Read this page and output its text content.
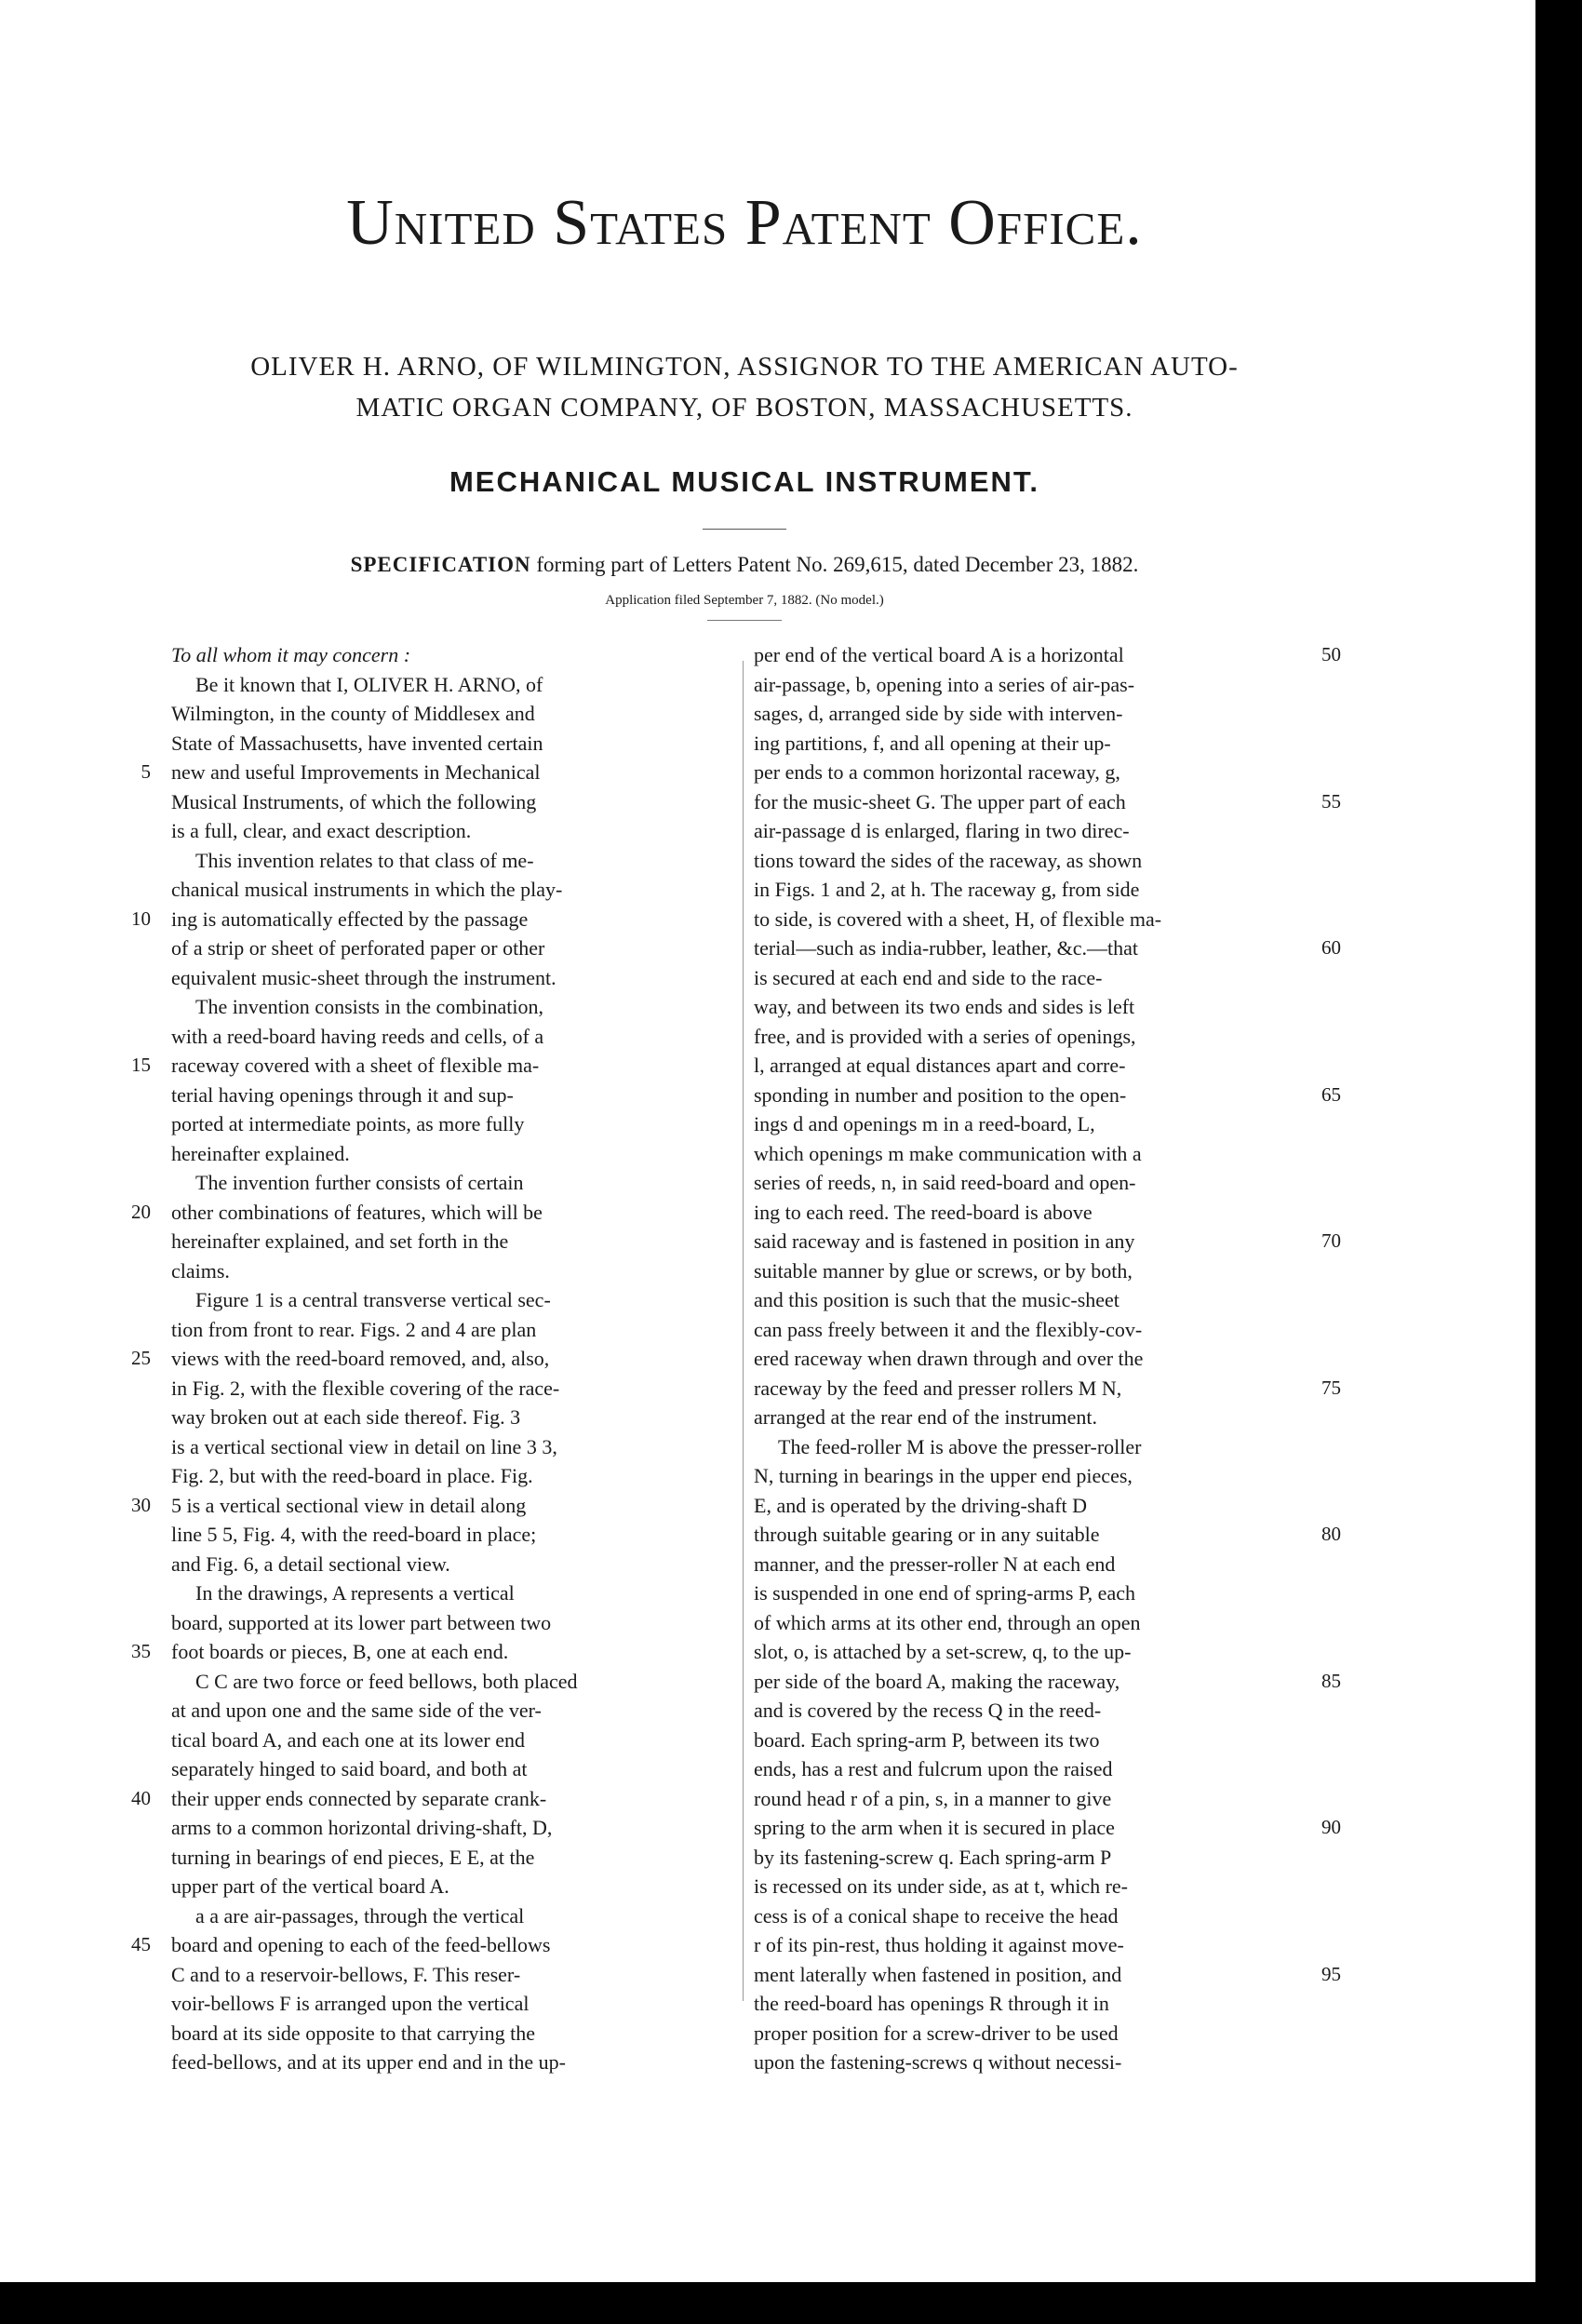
United States Patent Office.
OLIVER H. ARNO, OF WILMINGTON, ASSIGNOR TO THE AMERICAN AUTO-
MATIC ORGAN COMPANY, OF BOSTON, MASSACHUSETTS.
MECHANICAL MUSICAL INSTRUMENT.
SPECIFICATION forming part of Letters Patent No. 269,615, dated December 23, 1882.
Application filed September 7, 1882. (No model.)
To all whom it may concern :
Be it known that I, OLIVER H. ARNO, of
Wilmington, in the county of Middlesex and
State of Massachusetts, have invented certain
new and useful Improvements in Mechanical
Musical Instruments, of which the following
is a full, clear, and exact description.
This invention relates to that class of me-
chanical musical instruments in which the play-
ing is automatically effected by the passage
of a strip or sheet of perforated paper or other
equivalent music-sheet through the instrument.
The invention consists in the combination,
with a reed-board having reeds and cells, of a
raceway covered with a sheet of flexible ma-
terial having openings through it and sup-
ported at intermediate points, as more fully
hereinafter explained.
The invention further consists of certain
other combinations of features, which will be
hereinafter explained, and set forth in the
claims.
Figure 1 is a central transverse vertical sec-
tion from front to rear. Figs. 2 and 4 are plan
views with the reed-board removed, and, also,
in Fig. 2, with the flexible covering of the race-
way broken out at each side thereof. Fig. 3
is a vertical sectional view in detail on line 3 3,
Fig. 2, but with the reed-board in place. Fig.
5 is a vertical sectional view in detail along
line 5 5, Fig. 4, with the reed-board in place;
and Fig. 6, a detail sectional view.
In the drawings, A represents a vertical
board, supported at its lower part between two
foot boards or pieces, B, one at each end.
C C are two force or feed bellows, both placed
at and upon one and the same side of the ver-
tical board A, and each one at its lower end
separately hinged to said board, and both at
their upper ends connected by separate crank-
arms to a common horizontal driving-shaft, D,
turning in bearings of end pieces, E E, at the
upper part of the vertical board A.
a a are air-passages, through the vertical
board and opening to each of the feed-bellows
C and to a reservoir-bellows, F. This reser-
voir-bellows F is arranged upon the vertical
board at its side opposite to that carrying the
feed-bellows, and at its upper end and in the up-
per end of the vertical board A is a horizontal
air-passage, b, opening into a series of air-pas-
sages, d, arranged side by side with interven-
ing partitions, f, and all opening at their up-
per ends to a common horizontal raceway, g,
for the music-sheet G. The upper part of each
air-passage d is enlarged, flaring in two direc-
tions toward the sides of the raceway, as shown
in Figs. 1 and 2, at h. The raceway g, from side
to side, is covered with a sheet, H, of flexible ma-
terial—such as india-rubber, leather, &c.—that
is secured at each end and side to the race-
way, and between its two ends and sides is left
free, and is provided with a series of openings,
l, arranged at equal distances apart and corre-
sponding in number and position to the open-
ings d and openings m in a reed-board, L,
which openings m make communication with a
series of reeds, n, in said reed-board and open-
ing to each reed. The reed-board is above
said raceway and is fastened in position in any
suitable manner by glue or screws, or by both,
and this position is such that the music-sheet
can pass freely between it and the flexibly-cov-
ered raceway when drawn through and over the
raceway by the feed and presser rollers M N,
arranged at the rear end of the instrument.
The feed-roller M is above the presser-roller
N, turning in bearings in the upper end pieces,
E, and is operated by the driving-shaft D
through suitable gearing or in any suitable
manner, and the presser-roller N at each end
is suspended in one end of spring-arms P, each
of which arms at its other end, through an open
slot, o, is attached by a set-screw, q, to the up-
per side of the board A, making the raceway,
and is covered by the recess Q in the reed-
board. Each spring-arm P, between its two
ends, has a rest and fulcrum upon the raised
round head r of a pin, s, in a manner to give
spring to the arm when it is secured in place
by its fastening-screw q. Each spring-arm P
is recessed on its under side, as at t, which re-
cess is of a conical shape to receive the head
r of its pin-rest, thus holding it against move-
ment laterally when fastened in position, and
the reed-board has openings R through it in
proper position for a screw-driver to be used
upon the fastening-screws q without necessi-
5
10
15
20
25
30
35
40
45
50
55
60
65
70
75
80
85
90
95
